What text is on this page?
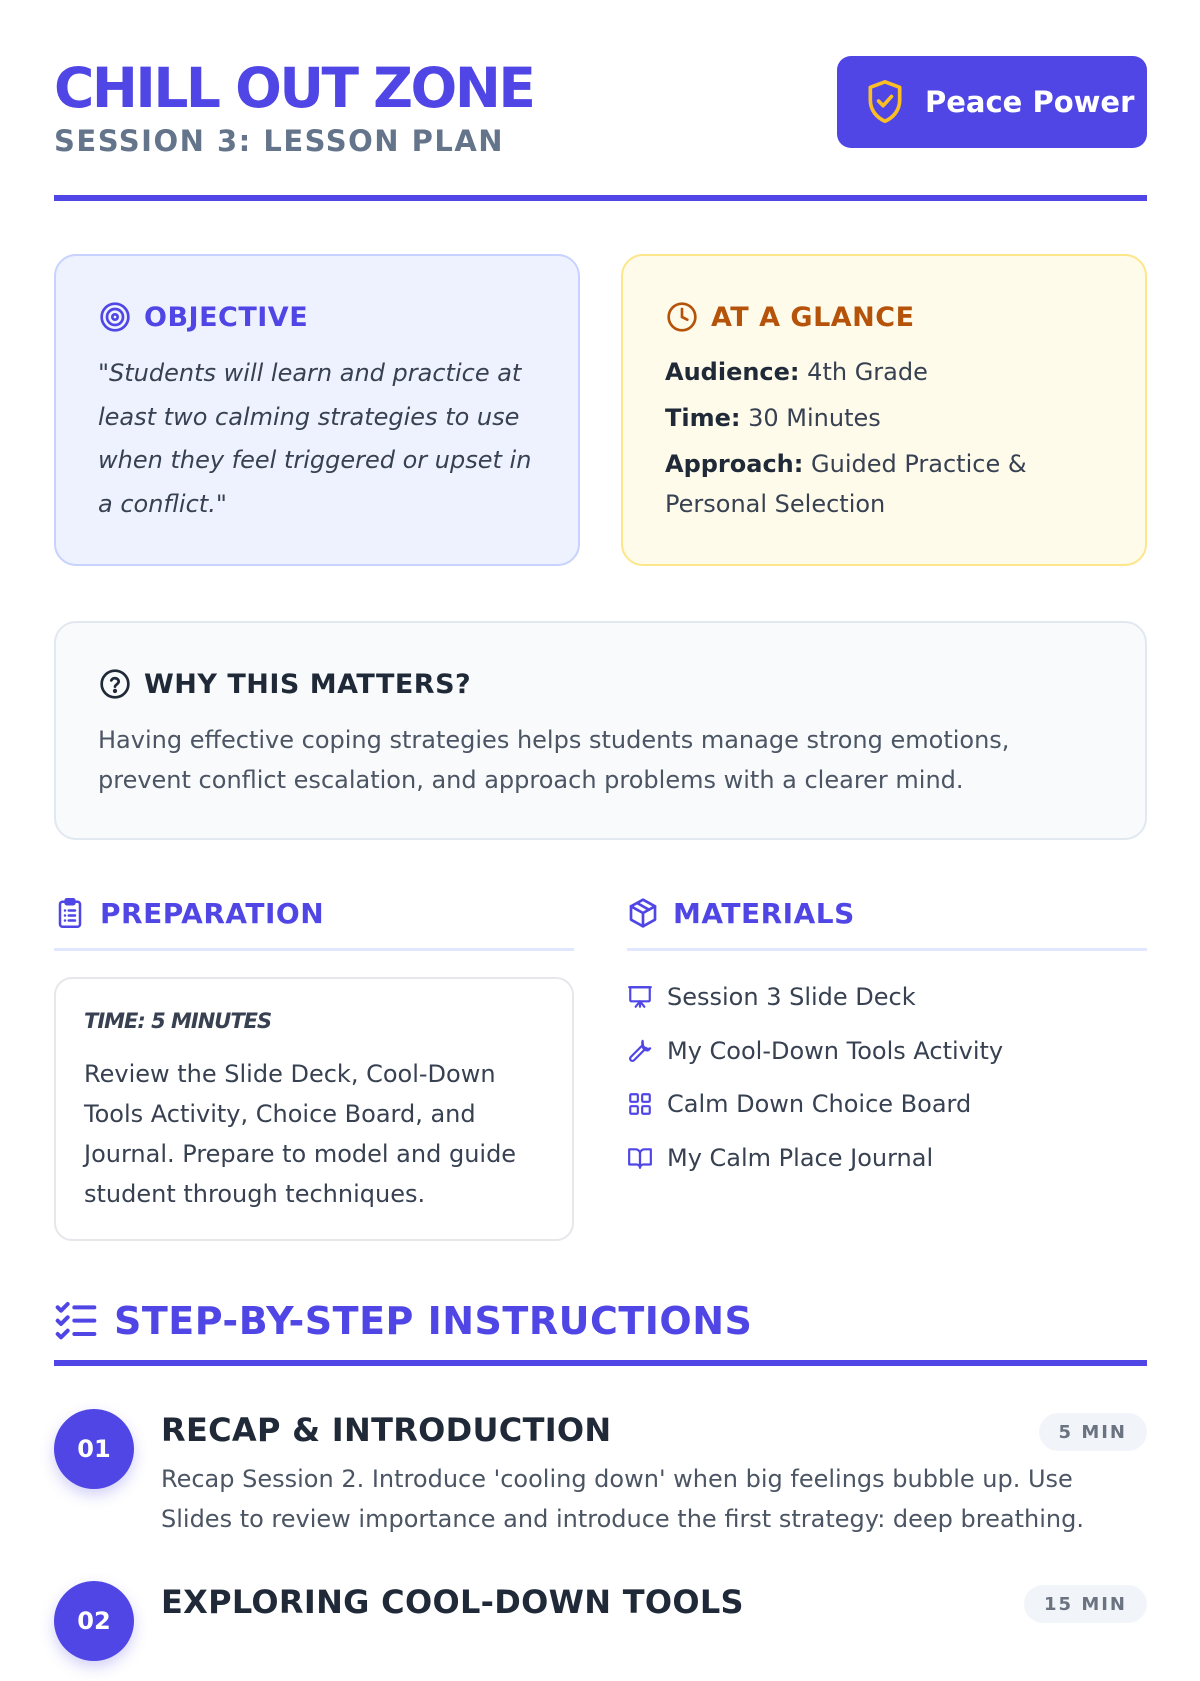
CHILL OUT ZONE
SESSION 3: LESSON PLAN
Peace Power
OBJECTIVE
"Students will learn and practice at least two calming strategies to use when they feel triggered or upset in a conflict."
AT A GLANCE
Audience: 4th Grade
Time: 30 Minutes
Approach: Guided Practice & Personal Selection
WHY THIS MATTERS?
Having effective coping strategies helps students manage strong emotions, prevent conflict escalation, and approach problems with a clearer mind.
PREPARATION
TIME: 5 MINUTES
Review the Slide Deck, Cool-Down Tools Activity, Choice Board, and Journal. Prepare to model and guide student through techniques.
MATERIALS
Session 3 Slide Deck
My Cool-Down Tools Activity
Calm Down Choice Board
My Calm Place Journal
STEP-BY-STEP INSTRUCTIONS
01	RECAP & INTRODUCTION	5 MIN
Recap Session 2. Introduce 'cooling down' when big feelings bubble up. Use Slides to review importance and introduce the first strategy: deep breathing.
02	EXPLORING COOL-DOWN TOOLS	15 MIN
